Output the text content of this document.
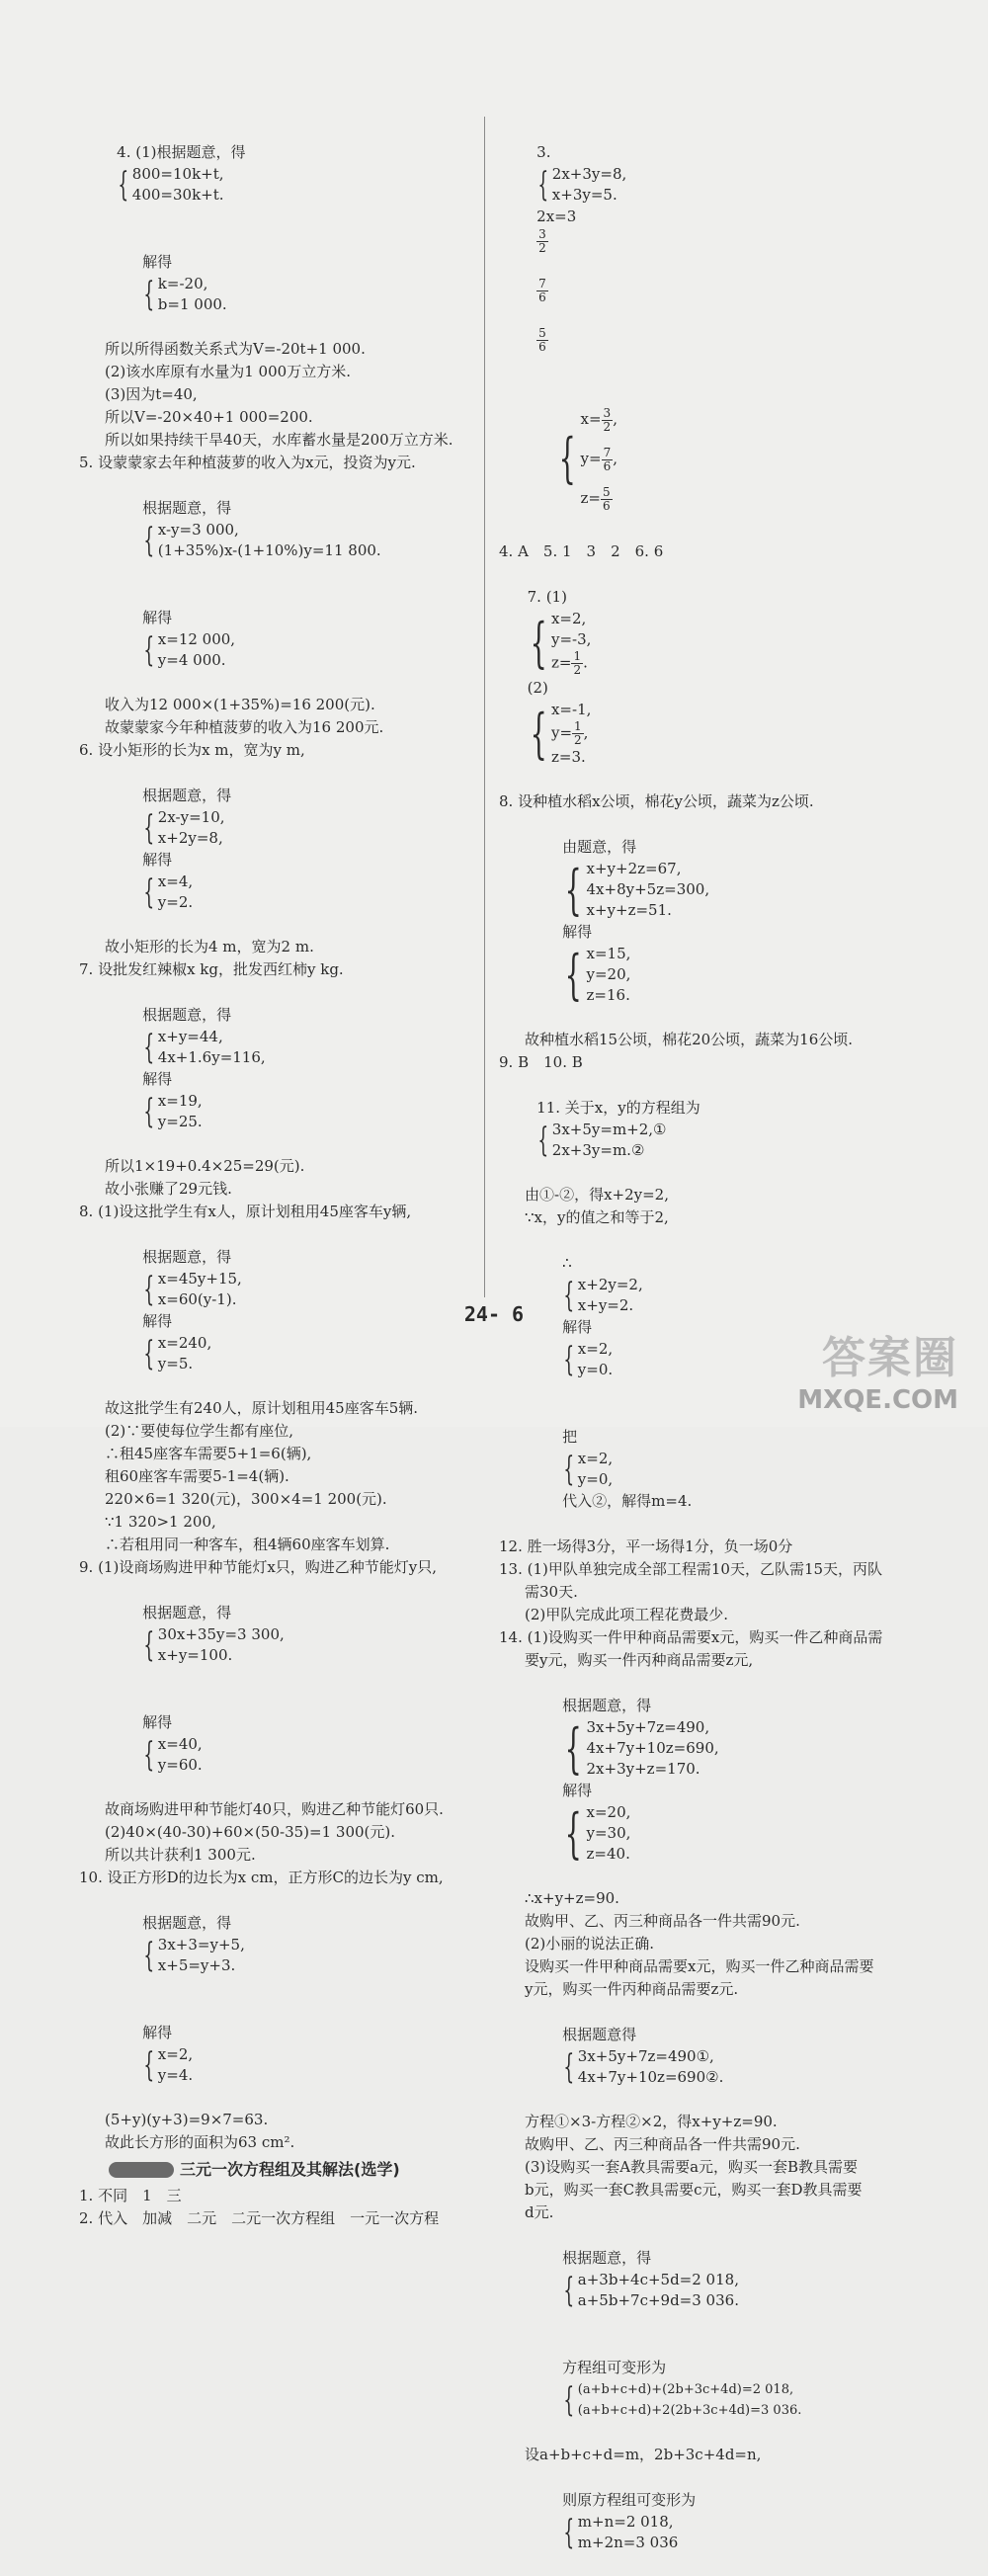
4. (1)根据题意，得

{ 800=10k+t,
400=30k+t.

解得

{ k=-20,
b=1 000.

所以所得函数关系式为V=-20t+1 000.
(2)该水库原有水量为1 000万立方米.
(3)因为t=40,
所以V=-20×40+1 000=200.
所以如果持续干旱40天，水库蓄水量是200万立方米.
5. 设蒙蒙家去年种植菠萝的收入为x元，投资为y元.

根据题意，得

{ x-y=3 000,
(1+35%)x-(1+10%)y=11 800.

解得

{ x=12 000,
y=4 000.

收入为12 000×(1+35%)=16 200(元).
故蒙蒙家今年种植菠萝的收入为16 200元.
6. 设小矩形的长为x m，宽为y m,

根据题意，得

{ 2x-y=10,
x+2y=8,

解得

{ x=4,
y=2.

故小矩形的长为4 m，宽为2 m.
7. 设批发红辣椒x kg，批发西红柿y kg.

根据题意，得

{ x+y=44,
4x+1.6y=116,

解得

{ x=19,
y=25.

所以1×19+0.4×25=29(元).
故小张赚了29元钱.
8. (1)设这批学生有x人，原计划租用45座客车y辆,

根据题意，得

{ x=45y+15,
x=60(y-1).

解得

{ x=240,
y=5.

故这批学生有240人，原计划租用45座客车5辆.
(2)∵要使每位学生都有座位,
∴租45座客车需要5+1=6(辆),
租60座客车需要5-1=4(辆).
220×6=1 320(元)，300×4=1 200(元).
∵1 320>1 200,
∴若租用同一种客车，租4辆60座客车划算.
9. (1)设商场购进甲种节能灯x只，购进乙种节能灯y只,

根据题意，得

{ 30x+35y=3 300,
x+y=100.

解得

{ x=40,
y=60.

故商场购进甲种节能灯40只，购进乙种节能灯60只.
(2)40×(40-30)+60×(50-35)=1 300(元).
所以共计获利1 300元.
10. 设正方形D的边长为x cm，正方形C的边长为y cm,

根据题意，得

{ 3x+3=y+5,
x+5=y+3.

解得

{ x=2,
y=4.

(5+y)(y+3)=9×7=63.
故此长方形的面积为63 cm².
三元一次方程组及其解法(选学)
1. 不同　1　三
2. 代入　加减　二元　二元一次方程组　一元一次方程

3.

{ 2x+3y=8,
x+3y=5.

2x=3

$\frac{3}{2}$

$\frac{7}{6}$

$\frac{5}{6}$

{
$x= \frac{3}{2}$ ,
$y= \frac{7}{6}$ ,
$z= \frac{5}{6}$

4. A　5. 1　3　2　6. 6

7. (1)

{ x=2,
y=-3,
$z= \frac{1}{2}$ .

(2)

{ x=-1,
$y= \frac{1}{2}$ ,
z=3.

8. 设种植水稻x公顷，棉花y公顷，蔬菜为z公顷.

由题意，得

{ x+y+2z=67,
4x+8y+5z=300,
x+y+z=51.

解得

{ x=15,
y=20,
z=16.

故种植水稻15公顷，棉花20公顷，蔬菜为16公顷.
9. B　10. B

11. 关于x，y的方程组为

{ 3x+5y=m+2,①
2x+3y=m.②

由①-②，得x+2y=2,
∵x，y的值之和等于2,

∴

{ x+2y=2,
x+y=2.

解得

{ x=2,
y=0.

把

{ x=2,
y=0,

代入②，解得m=4.

12. 胜一场得3分，平一场得1分，负一场0分
13. (1)甲队单独完成全部工程需10天，乙队需15天，丙队
需30天.
(2)甲队完成此项工程花费最少.
14. (1)设购买一件甲种商品需要x元，购买一件乙种商品需
要y元，购买一件丙种商品需要z元,

根据题意，得

{ 3x+5y+7z=490,
4x+7y+10z=690,
2x+3y+z=170.

解得

{ x=20,
y=30,
z=40.

∴x+y+z=90.
故购甲、乙、丙三种商品各一件共需90元.
(2)小丽的说法正确.
设购买一件甲种商品需要x元，购买一件乙种商品需要
y元，购买一件丙种商品需要z元.

根据题意得

{ 3x+5y+7z=490①,
4x+7y+10z=690②.

方程①×3-方程②×2，得x+y+z=90.
故购甲、乙、丙三种商品各一件共需90元.
(3)设购买一套A教具需要a元，购买一套B教具需要
b元，购买一套C教具需要c元，购买一套D教具需要
d元.

根据题意，得

{ a+3b+4c+5d=2 018,
a+5b+7c+9d=3 036.

方程组可变形为

{ (a+b+c+d)+(2b+3c+4d)=2 018,
(a+b+c+d)+2(2b+3c+4d)=3 036.

设a+b+c+d=m，2b+3c+4d=n,

则原方程组可变形为

{ m+n=2 018,
m+2n=3 036

24- 6
答案圈
MXQE.COM
